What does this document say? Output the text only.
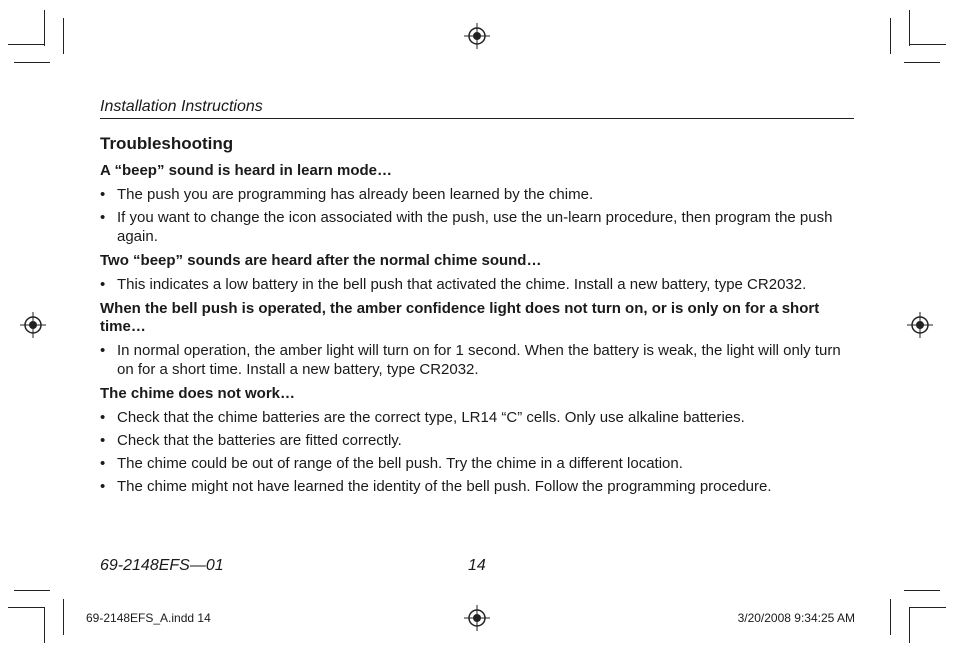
Installation Instructions
Troubleshooting
A “beep” sound is heard in learn mode…
• The push you are programming has already been learned by the chime.
• If you want to change the icon associated with the push, use the un-learn procedure, then program the push again.
Two “beep” sounds are heard after the normal chime sound…
• This indicates a low battery in the bell push that activated the chime. Install a new battery, type CR2032.
When the bell push is operated, the amber confidence light does not turn on, or is only on for a short time…
• In normal operation, the amber light will turn on for 1 second. When the battery is weak, the light will only turn on for a short time. Install a new battery, type CR2032.
The chime does not work…
• Check that the chime batteries are the correct type, LR14 “C” cells. Only use alkaline batteries.
• Check that the batteries are fitted correctly.
• The chime could be out of range of the bell push. Try the chime in a different location.
• The chime might not have learned the identity of the bell push. Follow the programming procedure.
69-2148EFS—01	14
69-2148EFS_A.indd 14	3/20/2008 9:34:25 AM
